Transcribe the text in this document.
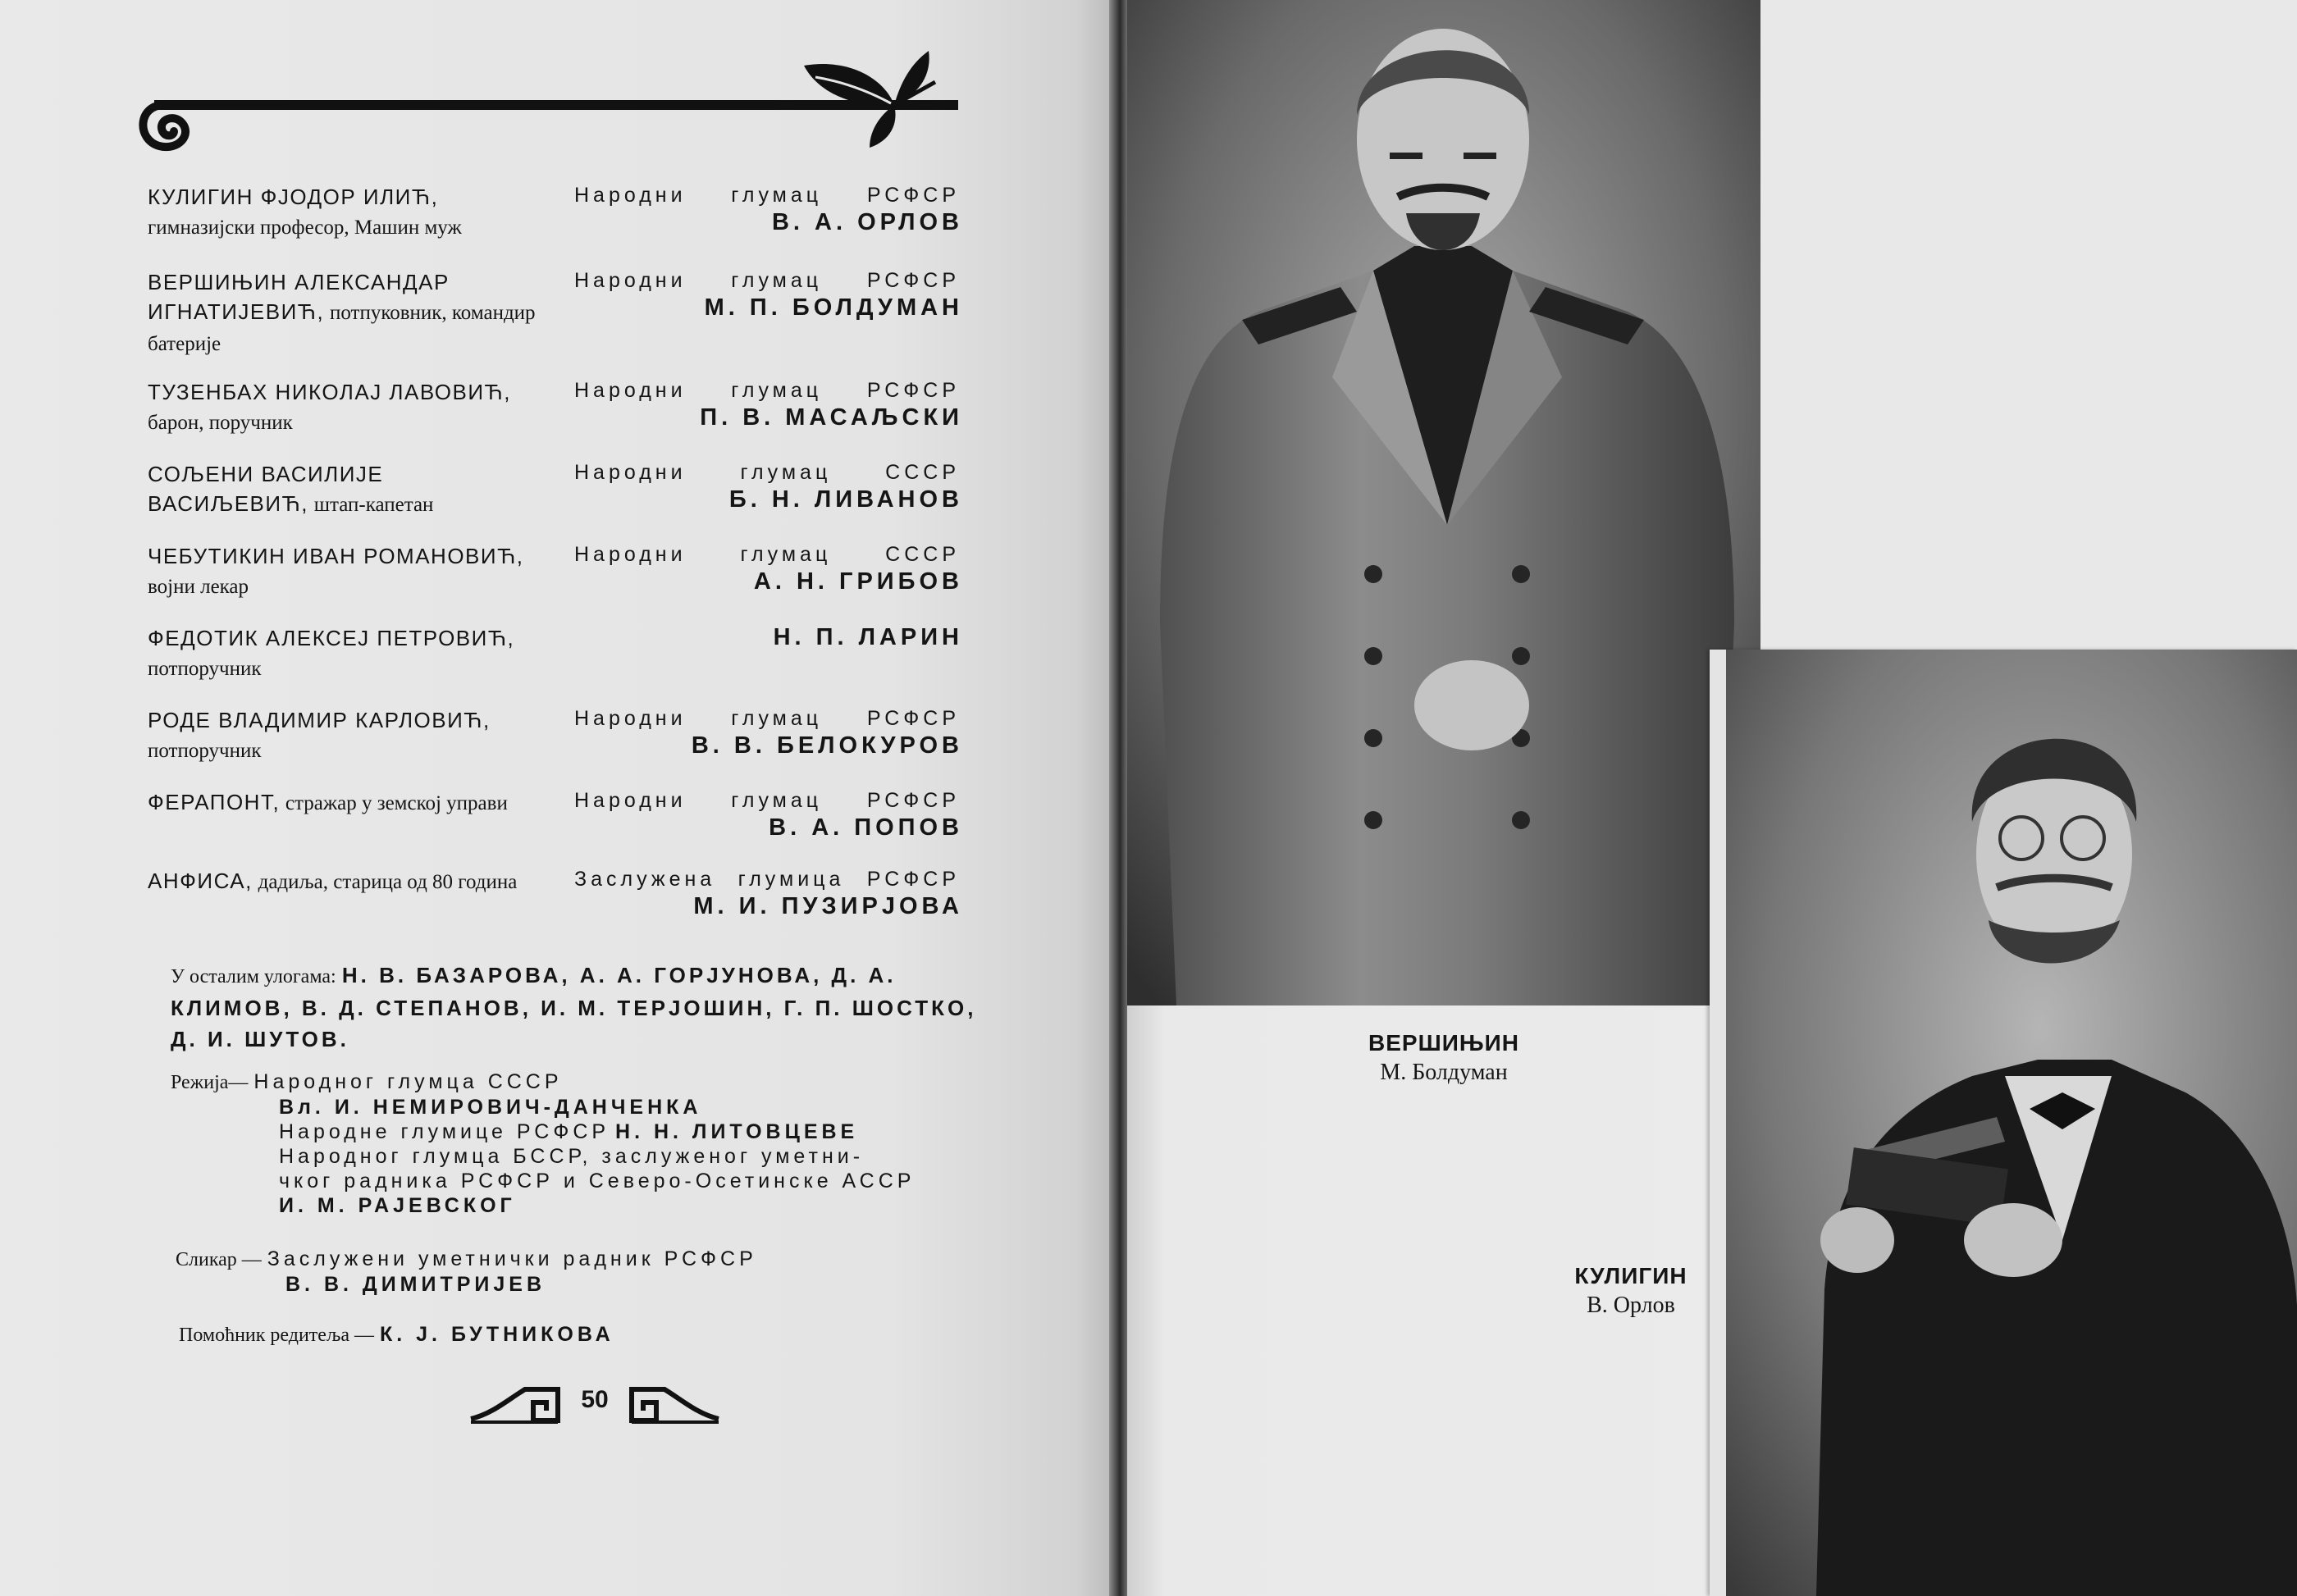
КУЛИГИН ФЈОДОР ИЛИЋ, гимназијски професор, Машин муж
Народни глумац РСФСР
В. А. ОРЛОВ
ВЕРШИЊИН АЛЕКСАНДАР ИГНАТИЈЕВИЋ, потпуковник, командир батерије
Народни глумац РСФСР
М. П. БОЛДУМАН
ТУЗЕНБАХ НИКОЛАЈ ЛАВОВИЋ, барон, поручник
Народни глумац РСФСР
П. В. МАСАЉСКИ
СОЉЕНИ ВАСИЛИЈЕ ВАСИЉЕВИЋ, штап-капетан
Народни глумац СССР
Б. Н. ЛИВАНОВ
ЧЕБУТИКИН ИВАН РОМАНОВИЋ, војни лекар
Народни глумац СССР
А. Н. ГРИБОВ
ФЕДОТИК АЛЕКСЕЈ ПЕТРОВИЋ, потпоручник
Н. П. ЛАРИН
РОДЕ ВЛАДИМИР КАРЛОВИЋ, потпоручник
Народни глумац РСФСР
В. В. БЕЛОКУРОВ
ФЕРАПОНТ, стражар у земској управи	Народни глумац РСФСР
В. А. ПОПОВ
АНФИСА, дадиља, старица од 80 година	Заслужена глумица РСФСР
М. И. ПУЗИРЈОВА
У осталим улогама: Н. В. БАЗАРОВА, А. А. ГОРЈУНОВА, Д. А. КЛИМОВ, В. Д. СТЕПАНОВ, И. М. ТЕРЈОШИН, Г. П. ШОСТКО, Д. И. ШУТОВ.
Режија— Народног глумца СССР
Вл. И. НЕМИРОВИЧ-ДАНЧЕНКА
Народне глумице РСФСР Н. Н. ЛИТОВЦЕВЕ
Народног глумца БССР, заслуженог уметни-
чког радника РСФСР и Северо-Осетинске АССР
И. М. РАЈЕВСКОГ
Сликар — Заслужени уметнички радник РСФСР
В. В. ДИМИТРИЈЕВ
Помоћник редитеља — К. Ј. БУТНИКОВА
50
ВЕРШИЊИН
М. Болдуман
КУЛИГИН
В. Орлов
